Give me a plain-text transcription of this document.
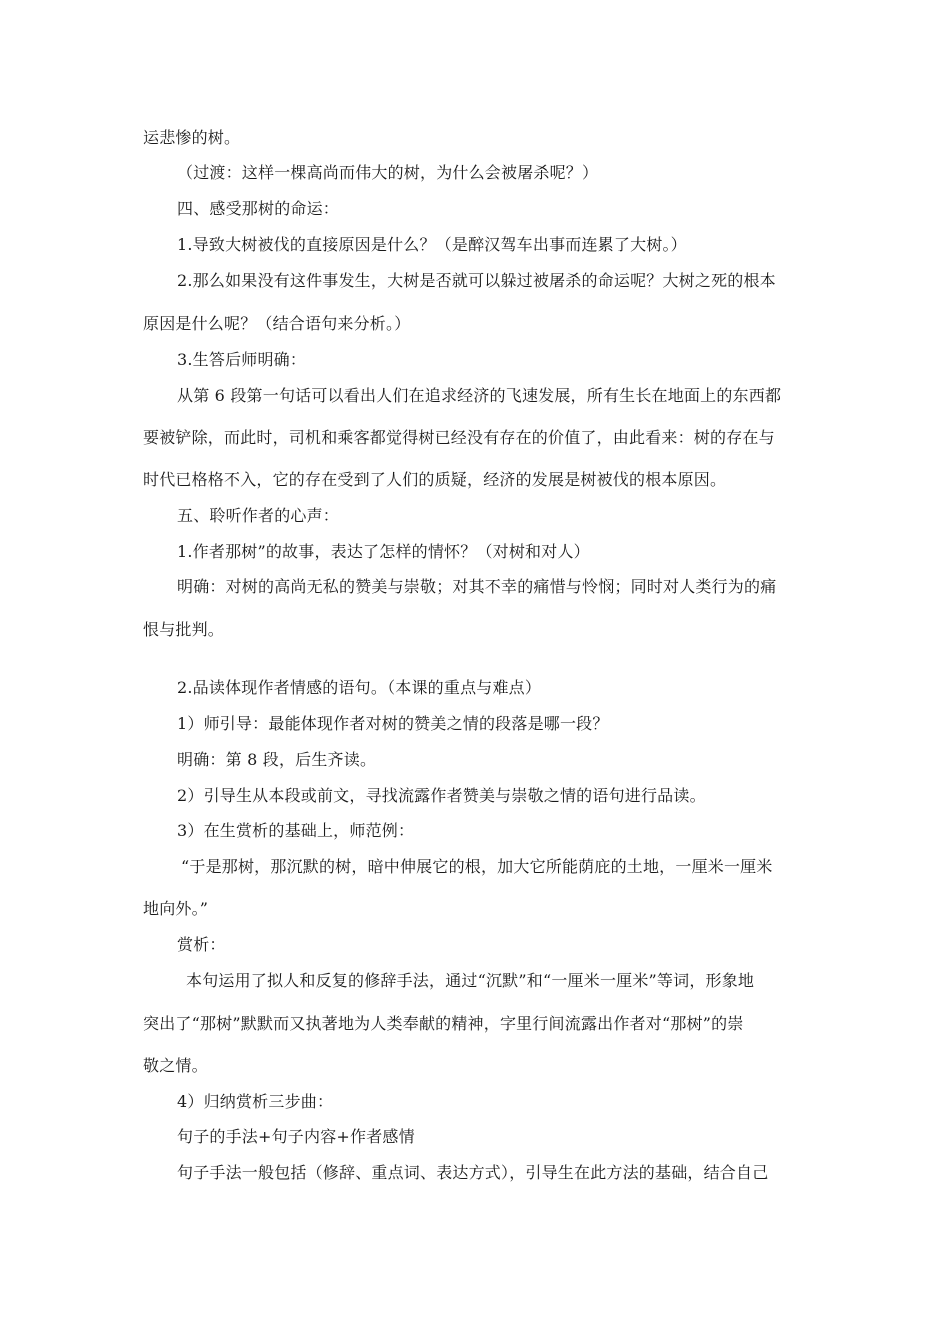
运悲惨的树。
（过渡：这样一棵高尚而伟大的树，为什么会被屠杀呢？）
四、感受那树的命运：
1.导致大树被伐的直接原因是什么？（是醉汉驾车出事而连累了大树。）
2.那么如果没有这件事发生，大树是否就可以躲过被屠杀的命运呢？大树之死的根本
原因是什么呢？（结合语句来分析。）
3.生答后师明确：
从第 6 段第一句话可以看出人们在追求经济的飞速发展，所有生长在地面上的东西都
要被铲除，而此时，司机和乘客都觉得树已经没有存在的价值了，由此看来：树的存在与
时代已格格不入，它的存在受到了人们的质疑，经济的发展是树被伐的根本原因。
五、聆听作者的心声：
1.作者那树”的故事，表达了怎样的情怀？（对树和对人）
明确：对树的高尚无私的赞美与崇敬；对其不幸的痛惜与怜悯；同时对人类行为的痛
恨与批判。
2.品读体现作者情感的语句。（本课的重点与难点）
1）师引导：最能体现作者对树的赞美之情的段落是哪一段？
明确：第 8 段，后生齐读。
2）引导生从本段或前文，寻找流露作者赞美与崇敬之情的语句进行品读。
3）在生赏析的基础上，师范例：
“于是那树，那沉默的树，暗中伸展它的根，加大它所能荫庇的土地，一厘米一厘米
地向外。”
赏析：
本句运用了拟人和反复的修辞手法，通过“沉默”和“一厘米一厘米”等词，形象地
突出了“那树”默默而又执著地为人类奉献的精神，字里行间流露出作者对“那树”的崇
敬之情。
4）归纳赏析三步曲：
句子的手法+句子内容+作者感情
句子手法一般包括（修辞、重点词、表达方式），引导生在此方法的基础，结合自己
